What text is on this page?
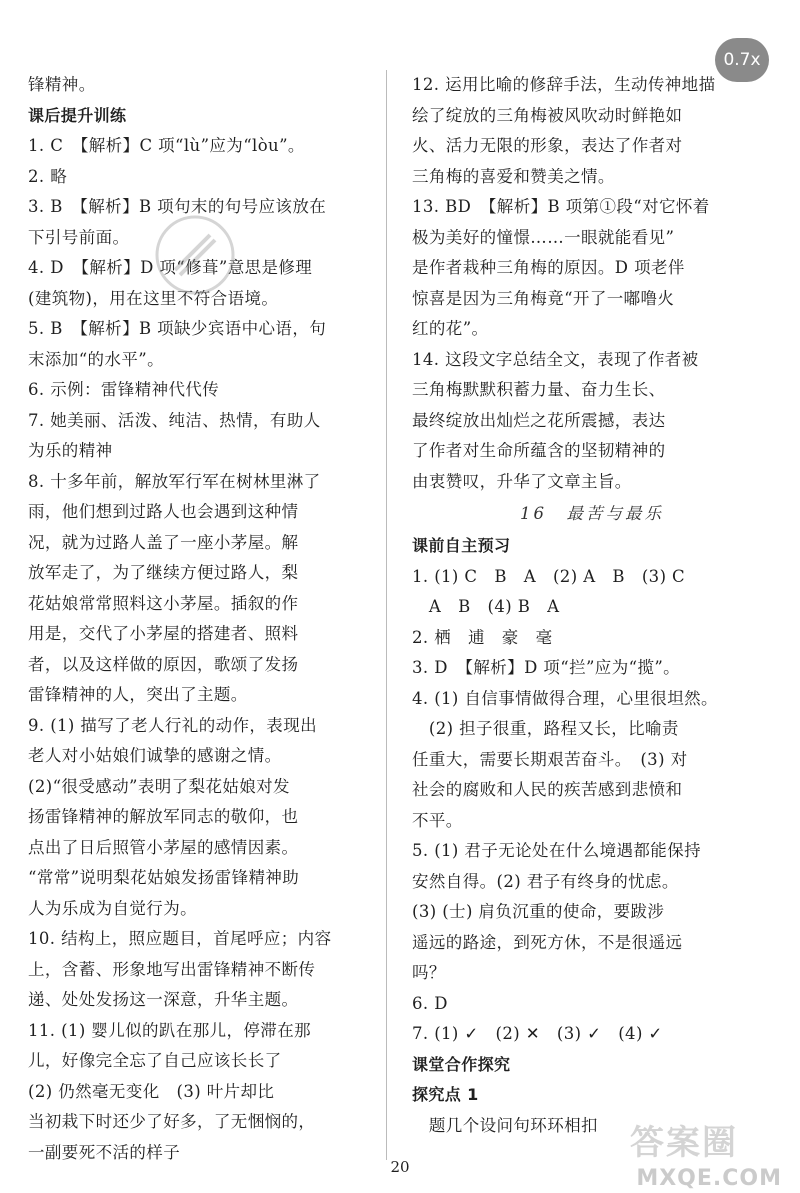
锋精神。
课后提升训练
1. C　【解析】C 项“lù”应为“lòu”。
2. 略
3. B　【解析】B 项句末的句号应该放在
下引号前面。
4. D　【解析】D 项“修葺”意思是修理
(建筑物)，用在这里不符合语境。
5. B　【解析】B 项缺少宾语中心语，句
末添加“的水平”。
6. 示例：雷锋精神代代传
7. 她美丽、活泼、纯洁、热情，有助人
为乐的精神
8. 十多年前，解放军行军在树林里淋了
雨，他们想到过路人也会遇到这种情
况，就为过路人盖了一座小茅屋。解
放军走了，为了继续方便过路人，梨
花姑娘常常照料这小茅屋。插叙的作
用是，交代了小茅屋的搭建者、照料
者，以及这样做的原因，歌颂了发扬
雷锋精神的人，突出了主题。
9. (1) 描写了老人行礼的动作，表现出
老人对小姑娘们诚挚的感谢之情。
(2)“很受感动”表明了梨花姑娘对发
扬雷锋精神的解放军同志的敬仰，也
点出了日后照管小茅屋的感情因素。
“常常”说明梨花姑娘发扬雷锋精神助
人为乐成为自觉行为。
10. 结构上，照应题目，首尾呼应；内容
上，含蓄、形象地写出雷锋精神不断传
递、处处发扬这一深意，升华主题。
11. (1) 婴儿似的趴在那儿，停滞在那
儿，好像完全忘了自己应该长长了
(2) 仍然毫无变化　(3) 叶片却比
当初栽下时还少了好多，了无悃悯的，
一副要死不活的样子
12. 运用比喻的修辞手法，生动传神地描
绘了绽放的三角梅被风吹动时鲜艳如
火、活力无限的形象，表达了作者对
三角梅的喜爱和赞美之情。
13. BD　【解析】B 项第①段“对它怀着
极为美好的憧憬……一眼就能看见”
是作者栽种三角梅的原因。D 项老伴
惊喜是因为三角梅竟“开了一嘟噜火
红的花”。
14. 这段文字总结全文，表现了作者被
三角梅默默积蓄力量、奋力生长、
最终绽放出灿烂之花所震撼，表达
了作者对生命所蕴含的坚韧精神的
由衷赞叹，升华了文章主旨。
16　最苦与最乐
课前自主预习
1. (1) C　B　A　(2) A　B　(3) C
　A　B　(4) B　A
2. 栖　逋　豪　毫
3. D　【解析】D 项“拦”应为“揽”。
4. (1) 自信事情做得合理，心里很坦然。
　(2) 担子很重，路程又长，比喻责
任重大，需要长期艰苦奋斗。　(3) 对
社会的腐败和人民的疾苦感到悲愤和
不平。
5. (1) 君子无论处在什么境遇都能保持
安然自得。(2) 君子有终身的忧虑。
(3) (士) 肩负沉重的使命，要跋涉
遥远的路途，到死方休，不是很遥远
吗？
6. D
7. (1) ✓　(2) ✕　(3) ✓　(4) ✓
课堂合作探究
探究点 1
　题几个设问句环环相扣
0.7x
20
答案圈
MXQE.COM
